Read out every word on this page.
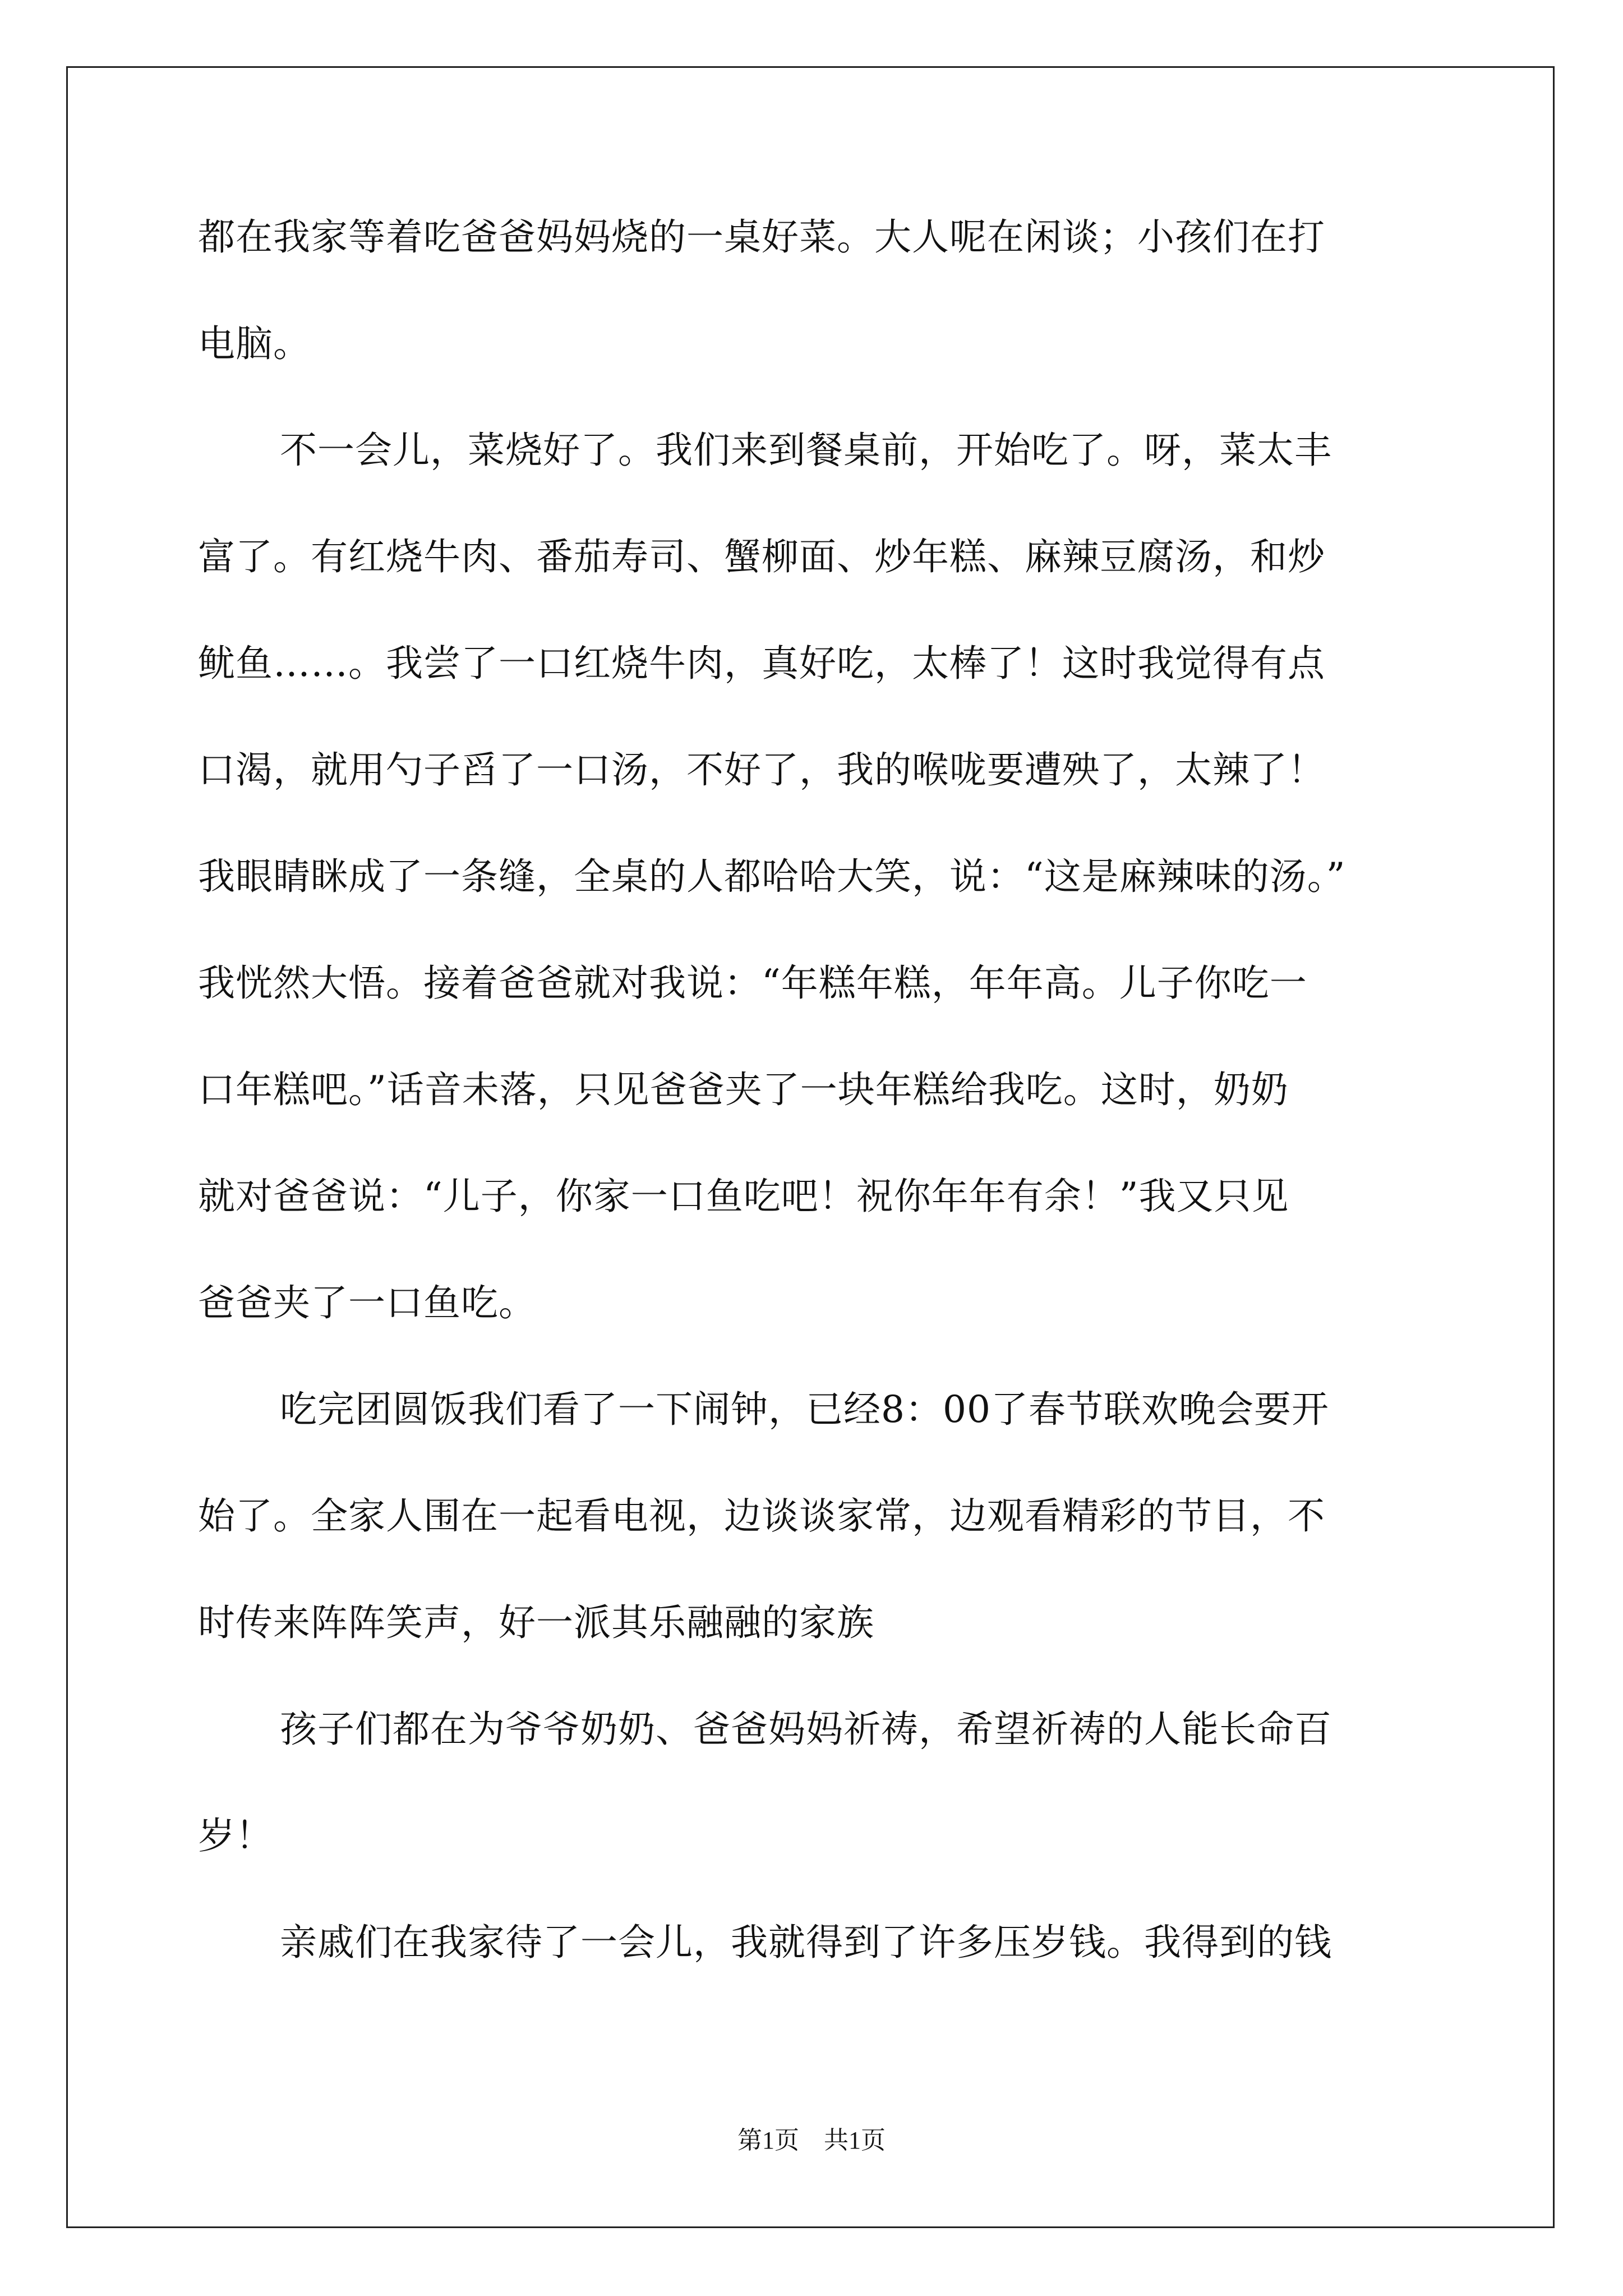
都在我家等着吃爸爸妈妈烧的一桌好菜。大人呢在闲谈；小孩们在打
电脑。
不一会儿，菜烧好了。我们来到餐桌前，开始吃了。呀，菜太丰
富了。有红烧牛肉、番茄寿司、蟹柳面、炒年糕、麻辣豆腐汤，和炒
鱿鱼……。我尝了一口红烧牛肉，真好吃，太棒了！这时我觉得有点
口渴，就用勺子舀了一口汤，不好了，我的喉咙要遭殃了，太辣了！
我眼睛眯成了一条缝，全桌的人都哈哈大笑，说：“这是麻辣味的汤。”
我恍然大悟。接着爸爸就对我说：“年糕年糕，年年高。儿子你吃一
口年糕吧。”话音未落，只见爸爸夹了一块年糕给我吃。这时，奶奶
就对爸爸说：“儿子，你家一口鱼吃吧！祝你年年有余！”我又只见
爸爸夹了一口鱼吃。
吃完团圆饭我们看了一下闹钟，已经8：00了春节联欢晚会要开
始了。全家人围在一起看电视，边谈谈家常，边观看精彩的节目，不
时传来阵阵笑声，好一派其乐融融的家族
孩子们都在为爷爷奶奶、爸爸妈妈祈祷，希望祈祷的人能长命百
岁！
亲戚们在我家待了一会儿，我就得到了许多压岁钱。我得到的钱
第1页　共1页
